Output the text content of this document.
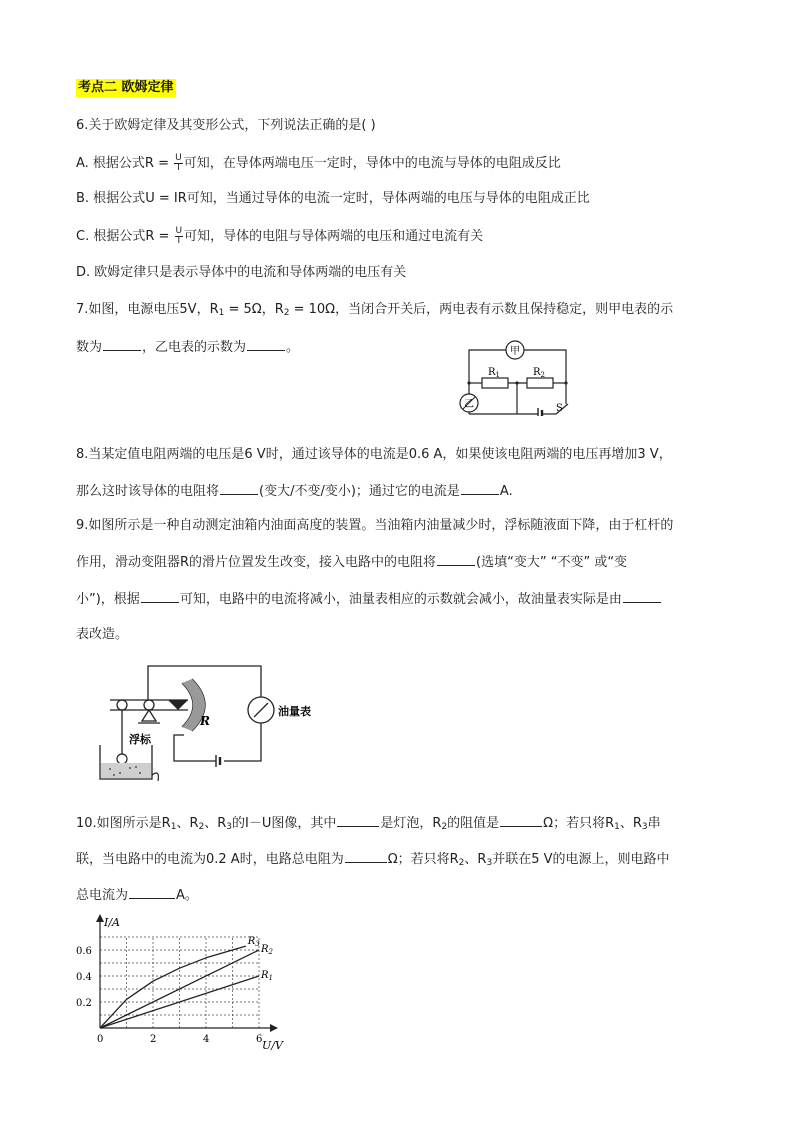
考点二 欧姆定律
6.关于欧姆定律及其变形公式，下列说法正确的是( )
A. 根据公式$R = \frac{U}{I}$ 可知，在导体两端电压一定时，导体中的电流与导体的电阻成反比
B. 根据公式U = IR可知，当通过导体的电流一定时，导体两端的电压与导体的电阻成正比
C. 根据公式$R = \frac{U}{I}$ 可知，导体的电阻与导体两端的电压和通过电流有关
D. 欧姆定律只是表示导体中的电流和导体两端的电压有关
7.如图，电源电压5V，$R_1 = 5\Omega$，$R_2 = 10\Omega$，当闭合开关后，两电表有示数且保持稳定，则甲电表的示
数为	，乙电表的示数为	。	甲
乙
$R_1$	$R_2$
S
8.当某定值电阻两端的电压是6 V时，通过该导体的电流是0.6 A，如果使该电阻两端的电压再增加3 V，
那么这时该导体的电阻将	(变大/不变/变小)；通过它的电流是	A.
9.如图所示是一种自动测定油箱内油面高度的装置。当油箱内油量减少时，浮标随液面下降，由于杠杆的
作用，滑动变阻器R的滑片位置发生改变，接入电路中的电阻将	(选填“变大” “不变” 或“变
小”)，根据	可知，电路中的电流将减小，油量表相应的示数就会减小，故油量表实际是由
表改造。
R
油量表
浮标
10.如图所示是$R_1$、$R_2$、$R_3$的I－U图像，其中	是灯泡，$R_2$的阻值是	Ω；若只将$R_1$、$R_3$串
联，当电路中的电流为0.2 A时，电路总电阻为	Ω；若只将$R_2$、$R_3$并联在5 V的电源上，则电路中
总电流为	A。
0	2	4	6
0.2
0.4
0.6
$R_3$ $R_2$
$R_1$
U/V
I/A
